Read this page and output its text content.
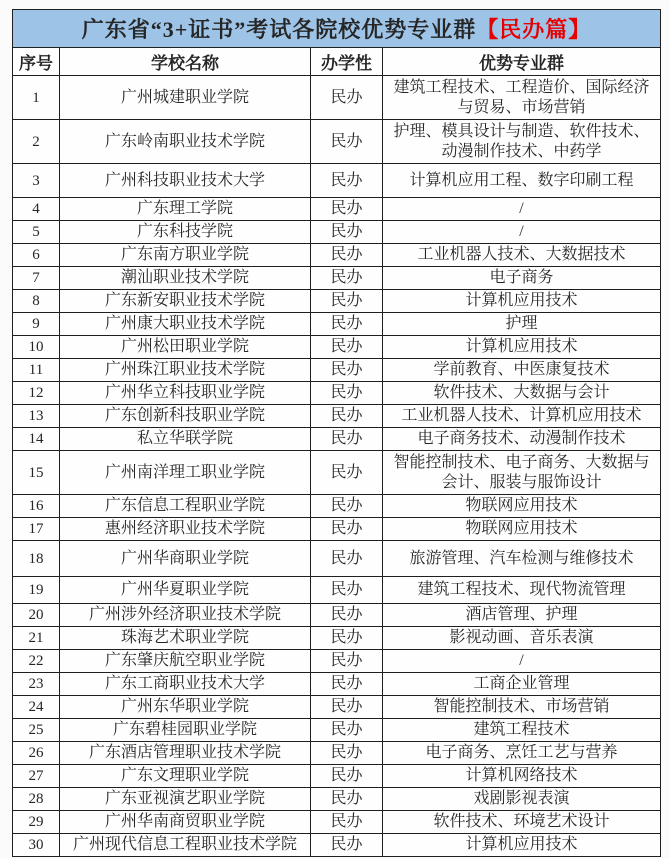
广东省“3+证书”考试各院校优势专业群【民办篇】			
序号	学校名称	办学性	优势专业群
1	广州城建职业学院	民办	建筑工程技术、工程造价、国际经济与贸易、市场营销
2	广东岭南职业技术学院	民办	护理、模具设计与制造、软件技术、动漫制作技术、中药学
3	广州科技职业技术大学	民办	计算机应用工程、数字印刷工程
4	广东理工学院	民办	/
5	广东科技学院	民办	/
6	广东南方职业学院	民办	工业机器人技术、大数据技术
7	潮汕职业技术学院	民办	电子商务
8	广东新安职业技术学院	民办	计算机应用技术
9	广州康大职业技术学院	民办	护理
10	广州松田职业学院	民办	计算机应用技术
11	广州珠江职业技术学院	民办	学前教育、中医康复技术
12	广州华立科技职业学院	民办	软件技术、大数据与会计
13	广东创新科技职业学院	民办	工业机器人技术、计算机应用技术
14	私立华联学院	民办	电子商务技术、动漫制作技术
15	广州南洋理工职业学院	民办	智能控制技术、电子商务、大数据与会计、服装与服饰设计
16	广东信息工程职业学院	民办	物联网应用技术
17	惠州经济职业技术学院	民办	物联网应用技术
18	广州华商职业学院	民办	旅游管理、汽车检测与维修技术
19	广州华夏职业学院	民办	建筑工程技术、现代物流管理
20	广州涉外经济职业技术学院	民办	酒店管理、护理
21	珠海艺术职业学院	民办	影视动画、音乐表演
22	广东肇庆航空职业学院	民办	/
23	广东工商职业技术大学	民办	工商企业管理
24	广州东华职业学院	民办	智能控制技术、市场营销
25	广东碧桂园职业学院	民办	建筑工程技术
26	广东酒店管理职业技术学院	民办	电子商务、烹饪工艺与营养
27	广东文理职业学院	民办	计算机网络技术
28	广东亚视演艺职业学院	民办	戏剧影视表演
29	广州华南商贸职业学院	民办	软件技术、环境艺术设计
30	广州现代信息工程职业技术学院	民办	计算机应用技术
